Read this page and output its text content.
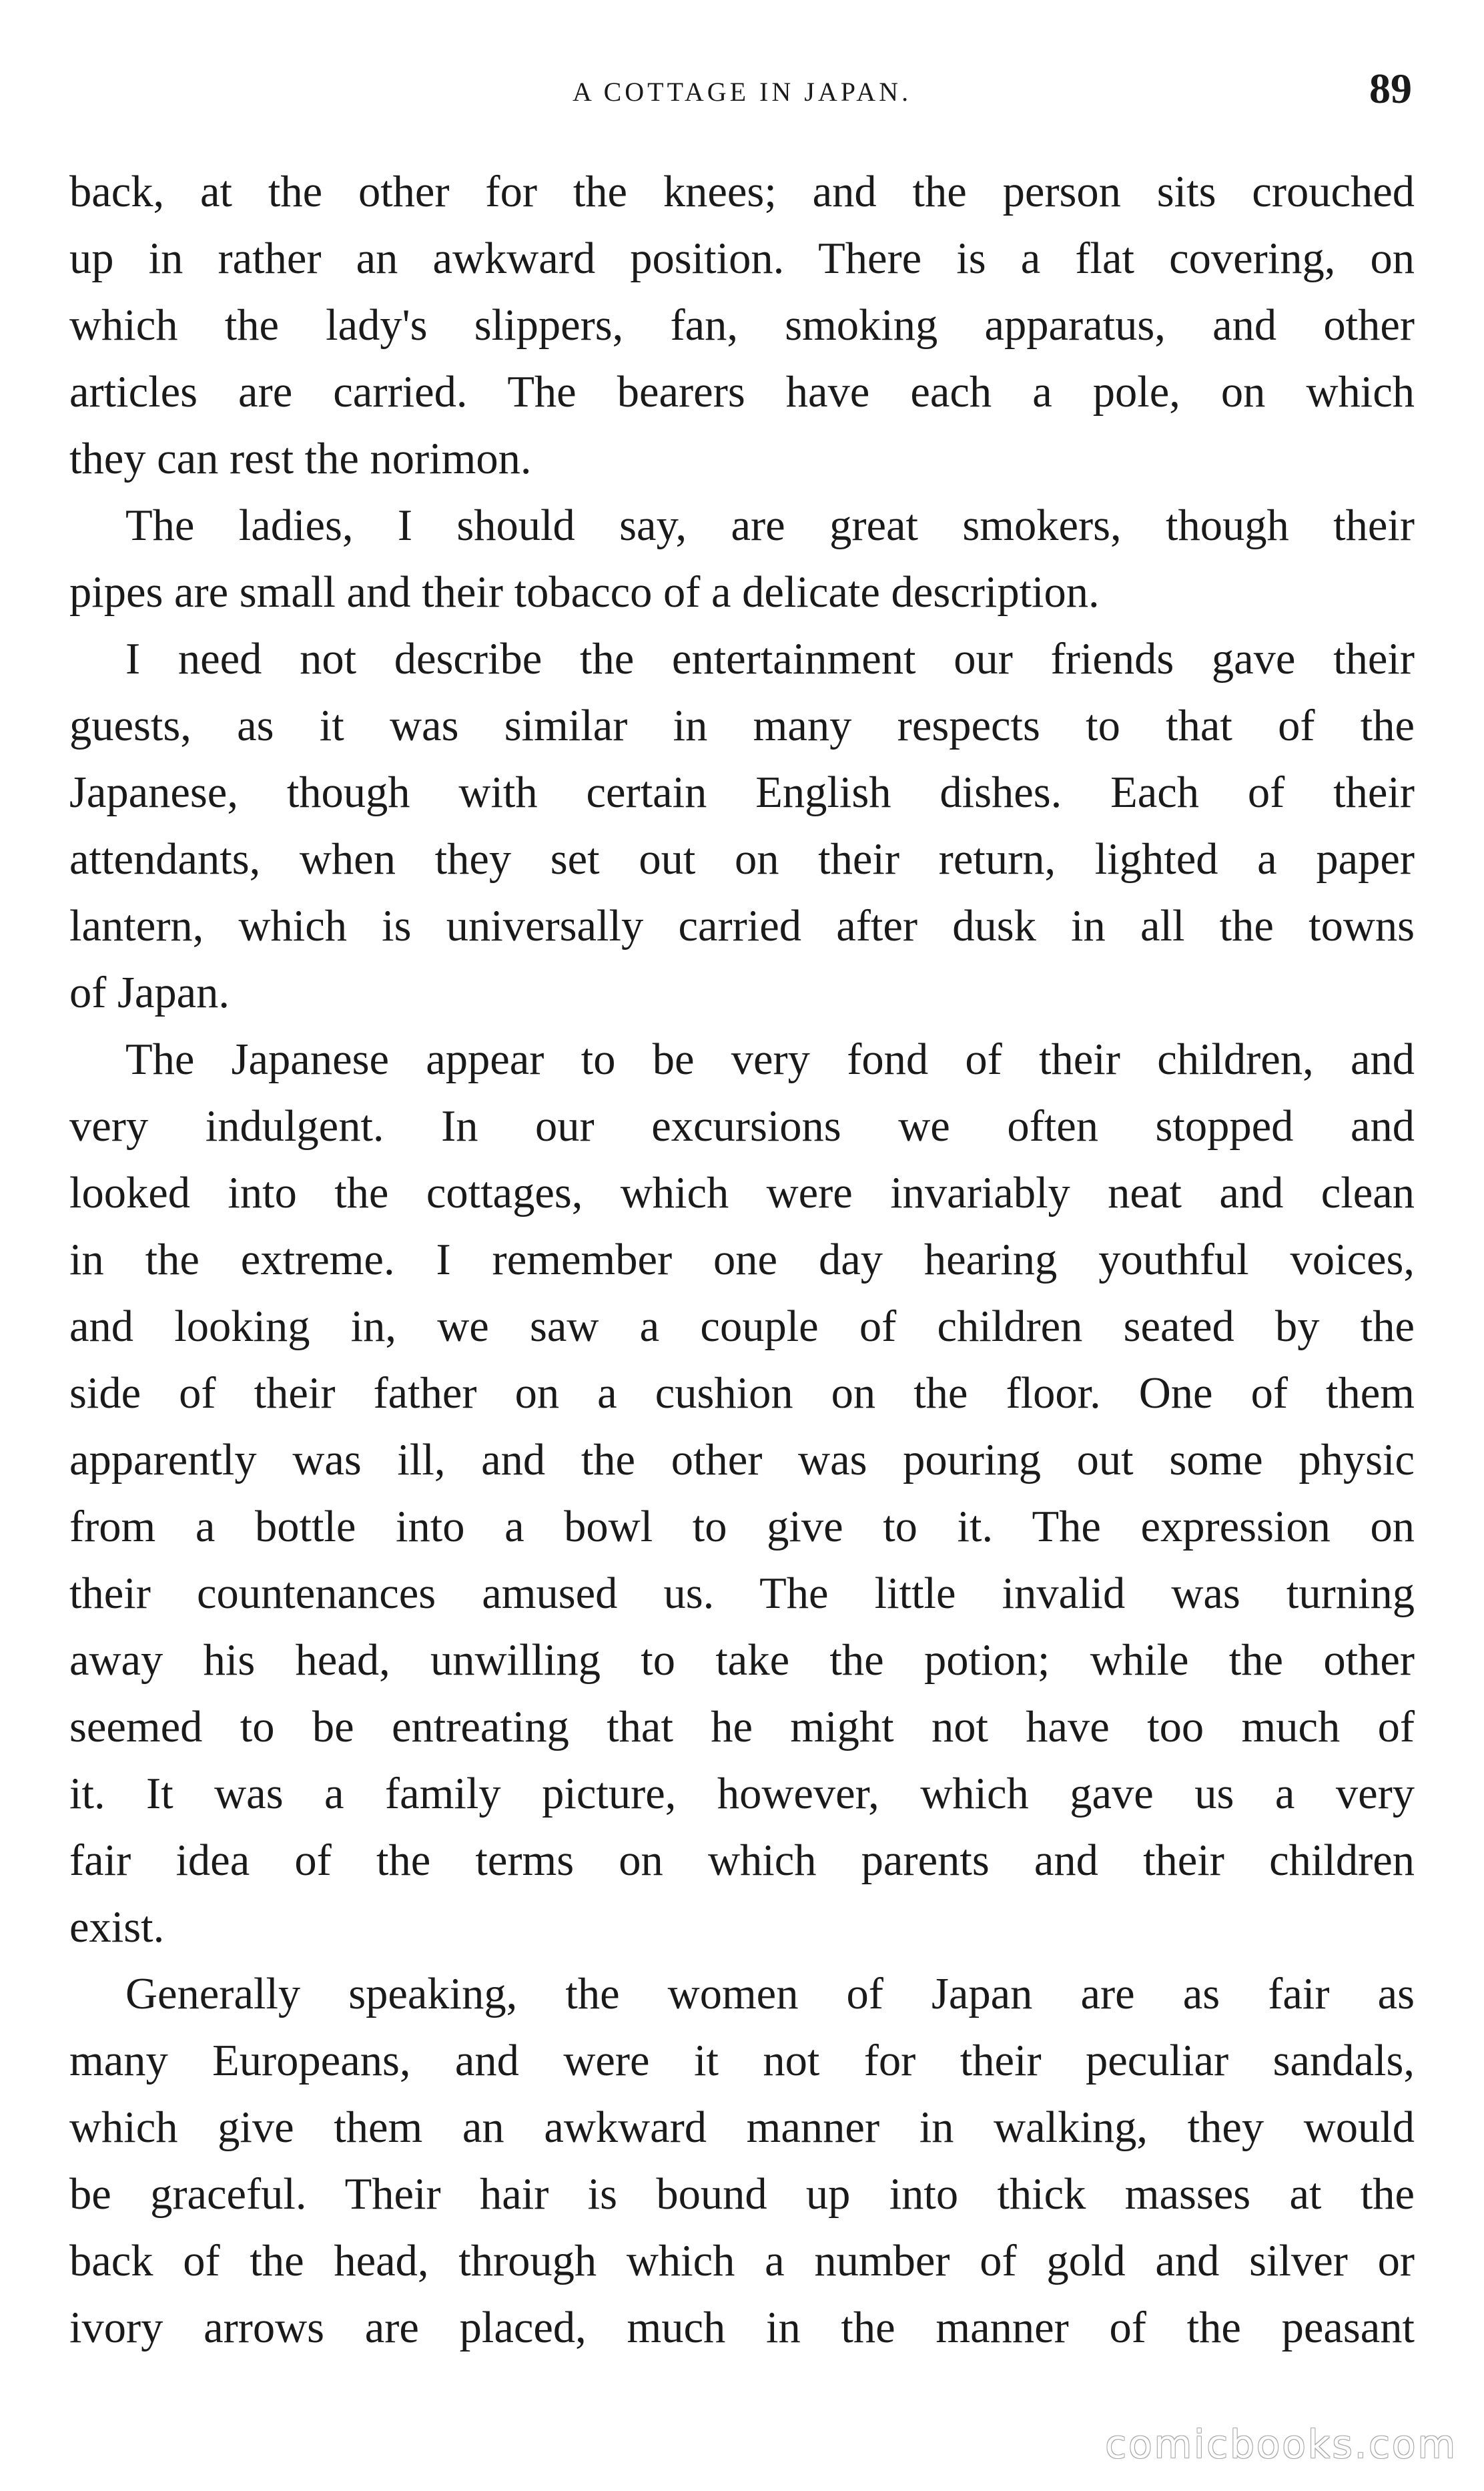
A COTTAGE IN JAPAN.	89

back, at the other for the knees; and the person sits crouched
up in rather an awkward position. There is a flat covering, on
which the lady's slippers, fan, smoking apparatus, and other
articles are carried. The bearers have each a pole, on which
they can rest the norimon.

The ladies, I should say, are great smokers, though their
pipes are small and their tobacco of a delicate description.

I need not describe the entertainment our friends gave their
guests, as it was similar in many respects to that of the
Japanese, though with certain English dishes. Each of their
attendants, when they set out on their return, lighted a paper
lantern, which is universally carried after dusk in all the towns
of Japan.

The Japanese appear to be very fond of their children, and
very indulgent. In our excursions we often stopped and
looked into the cottages, which were invariably neat and clean
in the extreme. I remember one day hearing youthful voices,
and looking in, we saw a couple of children seated by the
side of their father on a cushion on the floor. One of them
apparently was ill, and the other was pouring out some physic
from a bottle into a bowl to give to it. The expression on
their countenances amused us. The little invalid was turning
away his head, unwilling to take the potion; while the other
seemed to be entreating that he might not have too much of
it. It was a family picture, however, which gave us a very
fair idea of the terms on which parents and their children
exist.

Generally speaking, the women of Japan are as fair as
many Europeans, and were it not for their peculiar sandals,
which give them an awkward manner in walking, they would
be graceful. Their hair is bound up into thick masses at the
back of the head, through which a number of gold and silver or
ivory arrows are placed, much in the manner of the peasant

comicbooks.com
